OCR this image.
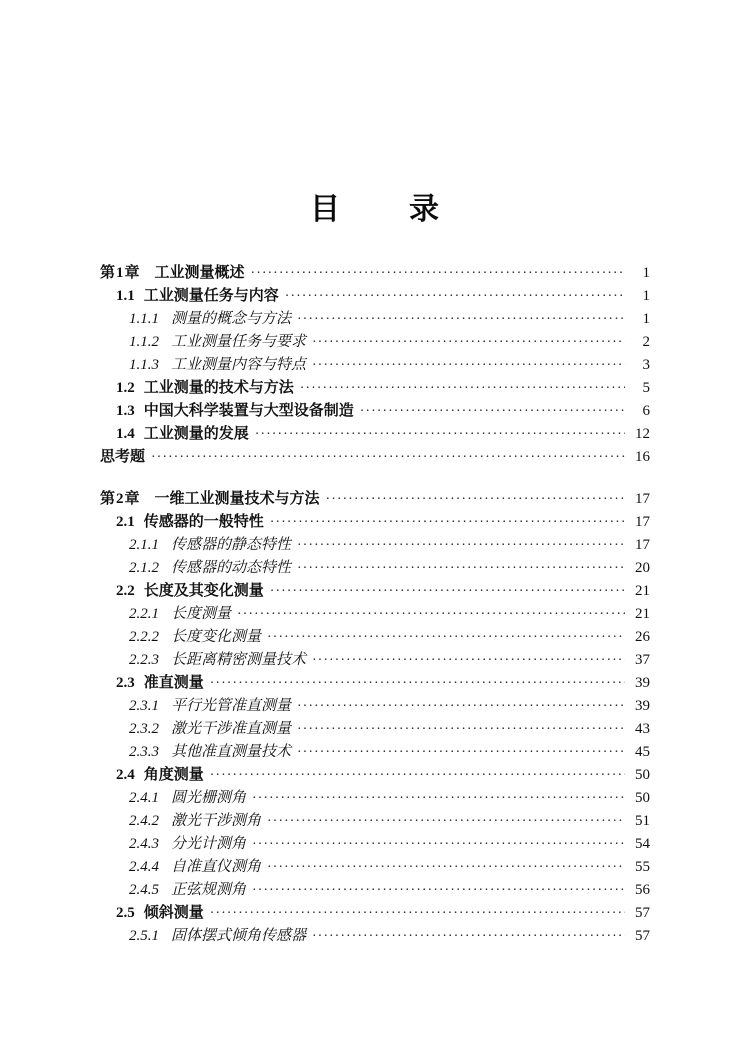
目 录
第1章 工业测量概述 ·····	1
1.1 工业测量任务与内容 ·····	1
1.1.1 测量的概念与方法 ·····	1
1.1.2 工业测量任务与要求 ·····	2
1.1.3 工业测量内容与特点 ·····	3
1.2 工业测量的技术与方法 ·····	5
1.3 中国大科学装置与大型设备制造 ·····	6
1.4 工业测量的发展 ·····	12
思考题 ·····	16
第2章 一维工业测量技术与方法 ·····	17
2.1 传感器的一般特性 ·····	17
2.1.1 传感器的静态特性 ·····	17
2.1.2 传感器的动态特性 ·····	20
2.2 长度及其变化测量 ·····	21
2.2.1 长度测量 ·····	21
2.2.2 长度变化测量 ·····	26
2.2.3 长距离精密测量技术 ·····	37
2.3 准直测量 ·····	39
2.3.1 平行光管准直测量 ·····	39
2.3.2 激光干涉准直测量 ·····	43
2.3.3 其他准直测量技术 ·····	45
2.4 角度测量 ·····	50
2.4.1 圆光栅测角 ·····	50
2.4.2 激光干涉测角 ·····	51
2.4.3 分光计测角 ·····	54
2.4.4 自准直仪测角 ·····	55
2.4.5 正弦规测角 ·····	56
2.5 倾斜测量 ·····	57
2.5.1 固体摆式倾角传感器 ·····	57
